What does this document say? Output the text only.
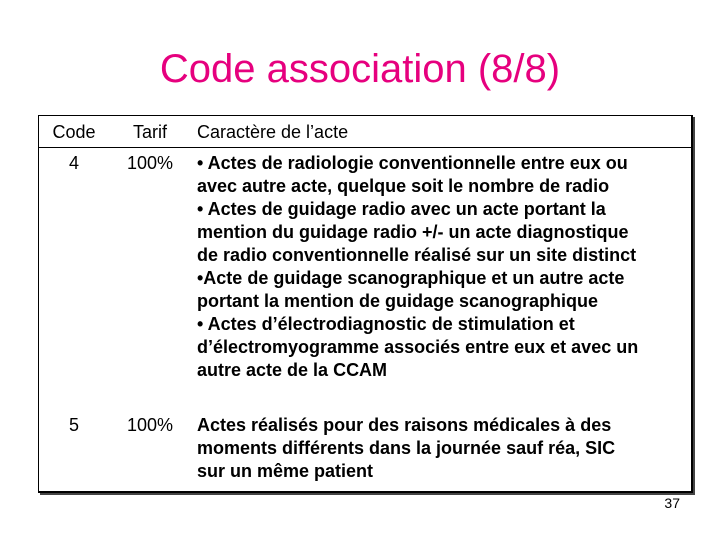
Code association (8/8)
Code	Tarif	Caractère de l’acte
4	100%	• Actes de radiologie conventionnelle entre eux ou
avec autre acte, quelque soit le nombre de radio
• Actes de guidage radio avec un acte portant la
mention du guidage radio +/- un acte diagnostique
de radio conventionnelle réalisé sur un site distinct
•Acte de guidage scanographique et un autre acte
portant la mention de guidage scanographique
• Actes d’électrodiagnostic de stimulation et
d’électromyogramme associés entre eux et avec un
autre acte de la CCAM
5	100%	Actes réalisés pour des raisons médicales à des
moments différents dans la journée sauf réa, SIC
sur un même patient
37
